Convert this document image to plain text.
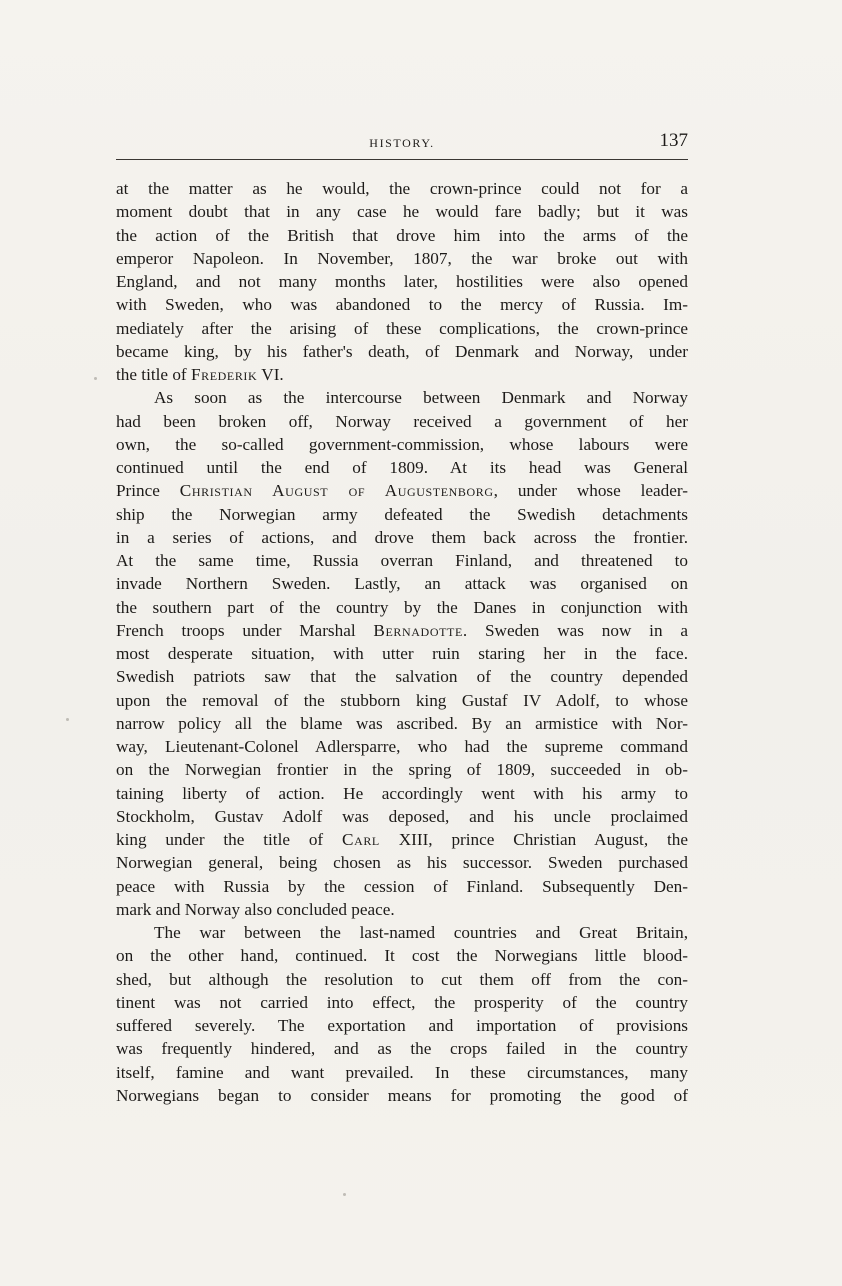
HISTORY.	137
at the matter as he would, the crown-prince could not for a
moment doubt that in any case he would fare badly; but it was
the action of the British that drove him into the arms of the
emperor Napoleon. In November, 1807, the war broke out with
England, and not many months later, hostilities were also opened
with Sweden, who was abandoned to the mercy of Russia. Im-
mediately after the arising of these complications, the crown-prince
became king, by his father's death, of Denmark and Norway, under
the title of Frederik VI.
As soon as the intercourse between Denmark and Norway
had been broken off, Norway received a government of her
own, the so-called government-commission, whose labours were
continued until the end of 1809. At its head was General
Prince Christian August of Augustenborg, under whose leader-
ship the Norwegian army defeated the Swedish detachments
in a series of actions, and drove them back across the frontier.
At the same time, Russia overran Finland, and threatened to
invade Northern Sweden. Lastly, an attack was organised on
the southern part of the country by the Danes in conjunction with
French troops under Marshal Bernadotte. Sweden was now in a
most desperate situation, with utter ruin staring her in the face.
Swedish patriots saw that the salvation of the country depended
upon the removal of the stubborn king Gustaf IV Adolf, to whose
narrow policy all the blame was ascribed. By an armistice with Nor-
way, Lieutenant-Colonel Adlersparre, who had the supreme command
on the Norwegian frontier in the spring of 1809, succeeded in ob-
taining liberty of action. He accordingly went with his army to
Stockholm, Gustav Adolf was deposed, and his uncle proclaimed
king under the title of Carl XIII, prince Christian August, the
Norwegian general, being chosen as his successor. Sweden purchased
peace with Russia by the cession of Finland. Subsequently Den-
mark and Norway also concluded peace.
The war between the last-named countries and Great Britain,
on the other hand, continued. It cost the Norwegians little blood-
shed, but although the resolution to cut them off from the con-
tinent was not carried into effect, the prosperity of the country
suffered severely. The exportation and importation of provisions
was frequently hindered, and as the crops failed in the country
itself, famine and want prevailed. In these circumstances, many
Norwegians began to consider means for promoting the good of
